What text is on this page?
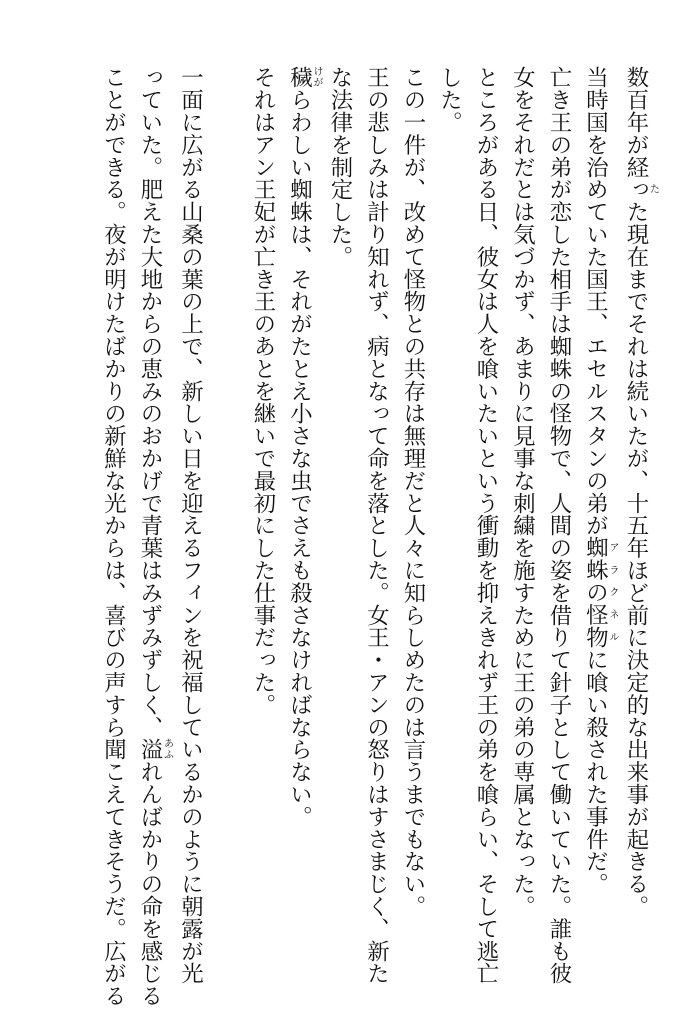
数百年が経ったた現在までそれは続いたが、十五年ほど前に決定的な出来事が起きる。
当時国を治めていた国王、エセルスタンの弟が蜘蛛の怪物アラクネルに喰い殺された事件だ。
亡き王の弟が恋した相手は蜘蛛の怪物で、人間の姿を借りて針子として働いていた。誰も彼
女をそれだとは気づかず、あまりに見事な刺繍を施すために王の弟の専属となった。
ところがある日、彼女は人を喰いたいという衝動を抑えきれず王の弟を喰らい、そして逃亡
した。
この一件が、改めて怪物との共存は無理だと人々に知らしめたのは言うまでもない。
王の悲しみは計り知れず、病となって命を落とした。女王・アンの怒りはすさまじく、新た
な法律を制定した。
穢けがらわしい蜘蛛は、それがたとえ小さな虫でさえも殺さなければならない。
それはアン王妃が亡き王のあとを継いで最初にした仕事だった。
一面に広がる山桑の葉の上で、新しい日を迎えるフィンを祝福しているかのように朝露が光
っていた。肥えた大地からの恵みのおかげで青葉はみずみずしく、溢あふれんばかりの命を感じる
ことができる。夜が明けたばかりの新鮮な光からは、喜びの声すら聞こえてきそうだ。広がる
